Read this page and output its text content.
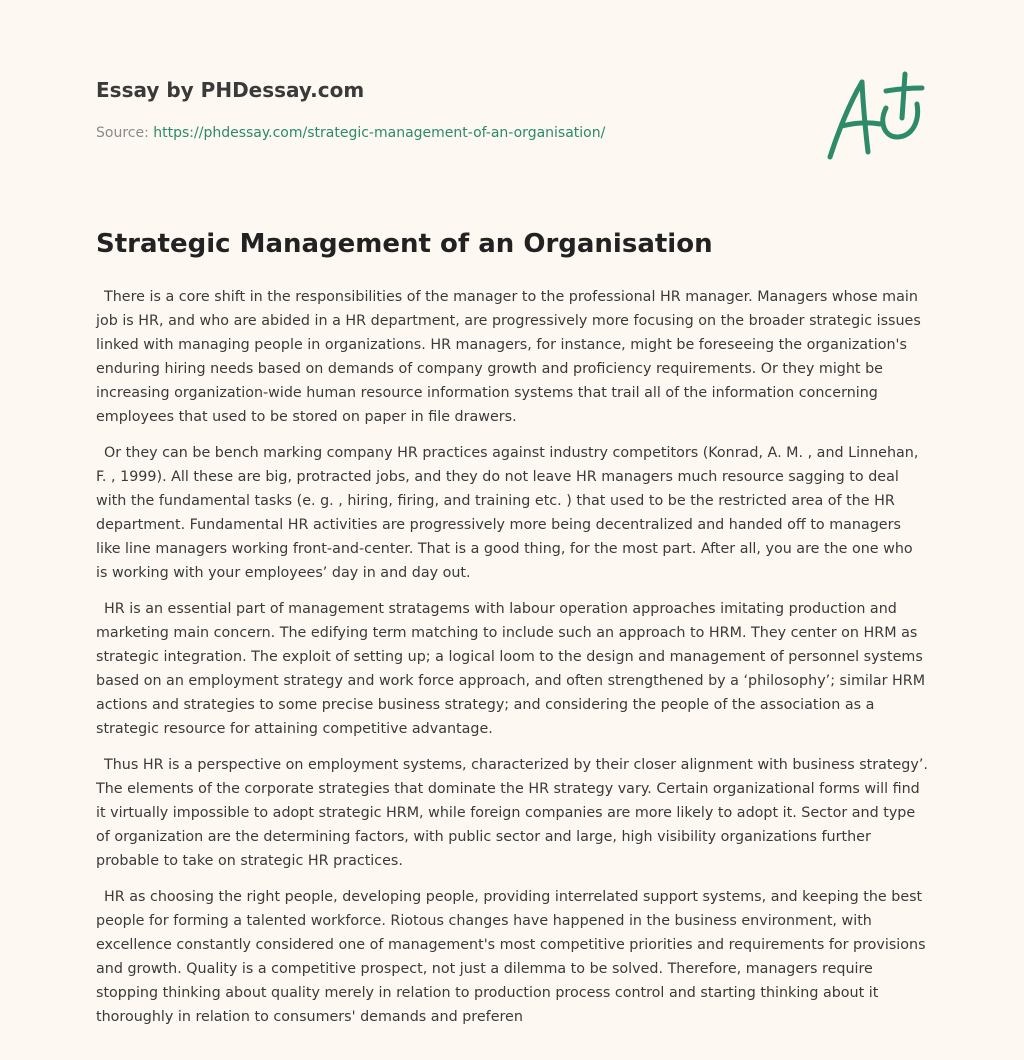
Essay by PHDessay.com
Source: https://phdessay.com/strategic-management-of-an-organisation/
Strategic Management of an Organisation

There is a core shift in the responsibilities of the manager to the professional HR manager. Managers whose main job is HR, and who are abided in a HR department, are progressively more focusing on the broader strategic issues linked with managing people in organizations. HR managers, for instance, might be foreseeing the organization's enduring hiring needs based on demands of company growth and proficiency requirements. Or they might be increasing organization-wide human resource information systems that trail all of the information concerning employees that used to be stored on paper in file drawers.

Or they can be bench marking company HR practices against industry competitors (Konrad, A. M. , and Linnehan, F. , 1999). All these are big, protracted jobs, and they do not leave HR managers much resource sagging to deal with the fundamental tasks (e. g. , hiring, firing, and training etc. ) that used to be the restricted area of the HR department. Fundamental HR activities are progressively more being decentralized and handed off to managers like line managers working front-and-center. That is a good thing, for the most part. After all, you are the one who is working with your employees’ day in and day out.

HR is an essential part of management stratagems with labour operation approaches imitating production and marketing main concern. The edifying term matching to include such an approach to HRM. They center on HRM as strategic integration. The exploit of setting up; a logical loom to the design and management of personnel systems based on an employment strategy and work force approach, and often strengthened by a ‘philosophy’; similar HRM actions and strategies to some precise business strategy; and considering the people of the association as a strategic resource for attaining competitive advantage.

Thus HR is a perspective on employment systems, characterized by their closer alignment with business strategy’. The elements of the corporate strategies that dominate the HR strategy vary. Certain organizational forms will find it virtually impossible to adopt strategic HRM, while foreign companies are more likely to adopt it. Sector and type of organization are the determining factors, with public sector and large, high visibility organizations further probable to take on strategic HR practices.

HR as choosing the right people, developing people, providing interrelated support systems, and keeping the best people for forming a talented workforce. Riotous changes have happened in the business environment, with excellence constantly considered one of management's most competitive priorities and requirements for provisions and growth. Quality is a competitive prospect, not just a dilemma to be solved. Therefore, managers require stopping thinking about quality merely in relation to production process control and starting thinking about it thoroughly in relation to consumers' demands and preferen
